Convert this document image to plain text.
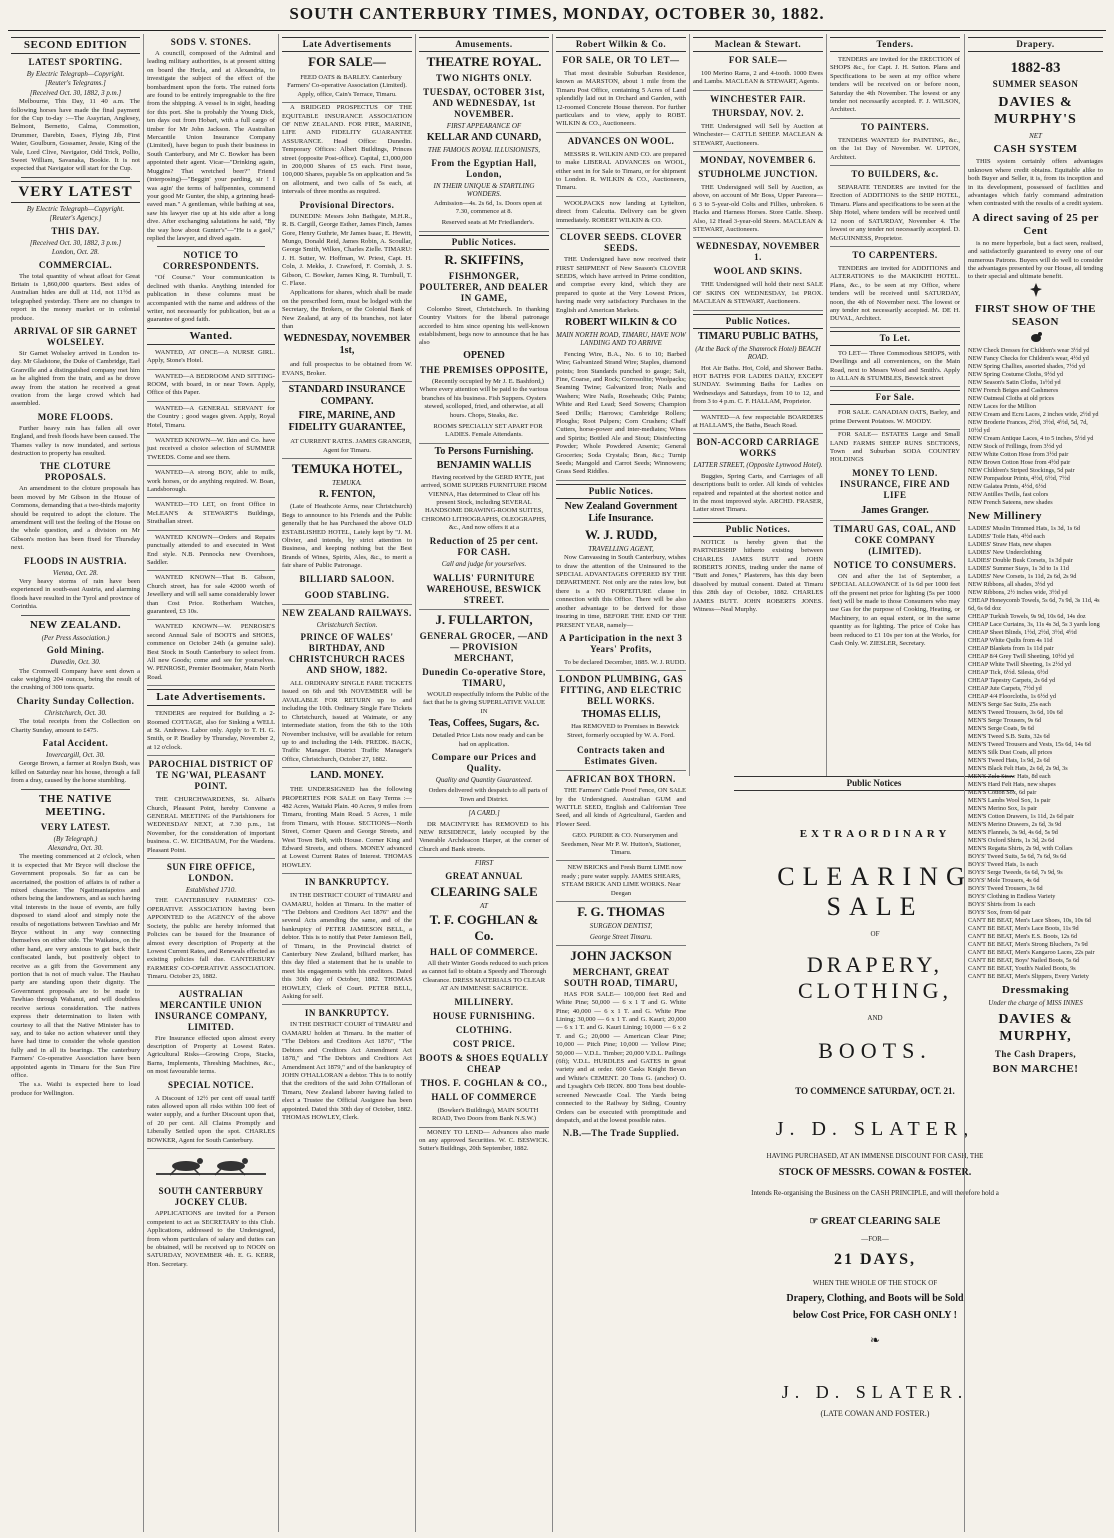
SOUTH CANTERBURY TIMES, MONDAY, OCTOBER 30, 1882.
SECOND EDITION
LATEST SPORTING.
By Electric Telegraph—Copyright.
[Reuter's Telegrams.]
[Received Oct. 30, 1882, 3 p.m.]

Melbourne, This Day, 11 40 a.m. The following horses have made the final payment for the Cup to-day :—The Assyrian, Anglesey, Belmont, Bernetto, Calma, Commotion, Drummer, Darebin, Essex, Flying Jib, First Water, Goulburn, Gossamer, Jessie, King of the Vale, Lord Clive, Navigator, Odd Trick, Pollio, Sweet William, Savanaka, Bookie. It is not expected that Navigator will start for the Cup.

VERY LATEST
By Electric Telegraph—Copyright.
[Reuter's Agency.]
THIS DAY.
[Received Oct. 30, 1882, 3 p.m.]
London, Oct. 28.
COMMERCIAL.

The total quantity of wheat afloat for Great Britain is 1,860,000 quarters. Best sides of Australian hides are dull at 11d, not 11½d as telegraphed yesterday. There are no changes to report in the money market or in colonial produce.

ARRIVAL OF SIR GARNET WOLSELEY.

Sir Garnet Wolseley arrived in London to-day. Mr Gladstone, the Duke of Cambridge, Earl Granville and a distinguished company met him as he alighted from the train, and as he drove away from the station he received a great ovation from the large crowd which had assembled.

MORE FLOODS.

Further heavy rain has fallen all over England, and fresh floods have been caused. The Thames valley is now inundated, and serious destruction to property has resulted.

THE CLOTURE PROPOSALS.

An amendment to the cloture proposals has been moved by Mr Gibson in the House of Commons, demanding that a two-thirds majority should be required to adopt the cloture. The amendment will test the feeling of the House on the whole question, and a division on Mr Gibson's motion has been fixed for Thursday next.

FLOODS IN AUSTRIA.
Vienna, Oct. 28.

Very heavy storms of rain have been experienced in south-east Austria, and alarming floods have resulted in the Tyrol and province of Corinthia.

NEW ZEALAND.
(Per Press Association.)
Gold Mining.
Dunedin, Oct. 30.

The Cromwell Company have sent down a cake weighing 204 ounces, being the result of the crushing of 300 tons quartz.

Charity Sunday Collection.
Christchurch, Oct. 30.

The total receipts from the Collection on Charity Sunday, amount to £475.

Fatal Accident.
Invercargill, Oct. 30.

George Brown, a farmer at Roslyn Bush, was killed on Saturday near his house, through a fall from a dray, caused by the horse stumbling.

THE NATIVE MEETING.
VERY LATEST.
(By Telegraph.)
Alexandra, Oct. 30.

The meeting commenced at 2 o'clock, when it is expected that Mr Bryce will disclose the Government proposals. So far as can be ascertained, the position of affairs is of rather a mixed character. The Ngatimaniapotos and others being the landowners, and as such having vital interests in the issue of events, are fully disposed to stand aloof and simply note the results of negotiations between Tawhiao and Mr Bryce without in any way connecting themselves on either side. The Waikatos, on the other hand, are very anxious to get back their confiscated lands, but positively object to receive as a gift from the Government any portion that is not of much value. The Hauhau party are standing upon their dignity. The Government proposals are to be made to Tawhiao through Wahanui, and will doubtless receive serious consideration. The natives express their determination to listen with courtesy to all that the Native Minister has to say, and to take no action whatever until they have had time to consider the whole question fully and in all its bearings. The canterbury Farmers' Co-operative Association have been appointed agents in Timaru for the Sun Fire office.

The s.s. Waihi is expected here to load produce for Wellington.

SODS V. STONES.

A councill, composed of the Admiral and leading military authorities, is at present sitting on board the Hecla, and at Alexandria, to investigate the subject of the effect of the bombardment upon the forts. The ruined forts are found to be entirely impregnable to the fire from the shipping. A vessel is in sight, heading for this port. She is probably the Young Dick, ten days out from Hobart, with a full cargo of timber for Mr John Jackson. The Australian Mercantile Union Insurance Company (Limited), have begun to push their business in South Canterbury, and Mr C. Bowker has been appointed their agent. Vicar—"Drinking again, Muggins? That wretched beer?" Friend (interposing)—"Beggin' your parding, sir ! I was agin' the terms of halfpennies, commend your good Mr Gunter, the ship, a grinning head-eaved man." A gentleman, while bathing at sea, saw his lawyer rise up at his side after a long dive. After exchanging salutations he said, "By the way how about Gunter's"—"He is a gaol," replied the lawyer, and dived again.

NOTICE TO CORRESPONDENTS.

"Of Course." Your communication is declined with thanks. Anything intended for publication in these columns must be accompanied with the name and address of the writer, not necessarily for publication, but as a guarantee of good faith.

Wanted.

WANTED, AT ONCE—A NURSE GIRL. Apply, Stone's Hotel.

WANTED—A BEDROOM AND SITTING-ROOM, with board, in or near Town. Apply, Office of this Paper.

WANTED—A GENERAL SERVANT for the Country ; good wages given. Apply, Royal Hotel, Timaru.

WANTED KNOWN—W. Ikin and Co. have just received a choice selection of SUMMER TWEEDS. Come and see them.

WANTED—A strong BOY, able to milk, work horses, or do anything required. W. Boan, Landsborough.

WANTED—TO LET, on front Office in McLEAN'S & STEWART'S Buildings, Strathallan street.

WANTED KNOWN—Orders and Repairs punctually attended to and executed in West End style. N.B. Pennocks new Overshoes, Saddler.

WANTED KNOWN—That B. Gibson, Church street, has for sale 42000 worth of Jewellery and will sell same considerably lower than Cost Price. Rotherham Watches, guaranteed, £3 10s.

WANTED KNOWN—W. PENROSE'S second Annual Sale of BOOTS and SHOES, commence on October 24th (a genuine sale). Best Stock in South Canterbury to select from. All new Goods; come and see for yourselves. W. PENROSE, Premier Bootmaker, Main North Road.

Late Advertisements.

TENDERS are required for Building a 2-Roomed COTTAGE, also for Sinking a WELL at St. Andrews. Labor only. Apply to T. H. G. Smith, or P. Bradley by Thursday, November 2, at 12 o'clock.

PAROCHIAL DISTRICT OF TE NG'WAI, PLEASANT POINT.

THE CHURCHWARDENS, St. Alban's Church, Pleasant Point, hereby Convene a GENERAL MEETING of the Parishioners for WEDNESDAY NEXT, at 7.30 p.m., 1st November, for the consideration of important business. C. W. EICHBAUM, For the Wardens. Pleasant Point.

SUN FIRE OFFICE, LONDON.
Established 1710.

THE CANTERBURY FARMERS' CO-OPERATIVE ASSOCIATION having been APPOINTED to the AGENCY of the above Society, the public are hereby informed that Policies can be issued for the Insurance of almost every description of Property at the Lowest Current Rates, and Renewals effected as existing policies fall due. CANTERBURY FARMERS' CO-OPERATIVE ASSOCIATION. Timaru. October 23, 1882.

AUSTRALIAN MERCANTILE UNION INSURANCE COMPANY, LIMITED.

Fire Insurance effected upon almost every description of Property at Lowest Rates. Agricultural Risks—Growing Crops, Stacks, Barns, Implements, Threshing Machines, &c., on most favourable terms.

SPECIAL NOTICE.

A Discount of 12½ per cent off usual tariff rates allowed upon all risks within 100 feet of water supply, and a further Discount upon that, of 20 per cent. All Claims Promptly and Liberally Settled upon the spot. CHARLES BOWKER, Agent for South Canterbury.

SOUTH CANTERBURY JOCKEY CLUB.

APPLICATIONS are invited for a Person competent to act as SECRETARY to this Club. Applications, addressed to the Undersigned, from whom particulars of salary and duties can be obtained, will be received up to NOON on SATURDAY, NOVEMBER 4th. E. G. KERR, Hon. Secretary.

Late Advertisements
FOR SALE—

FEED OATS & BARLEY. Canterbury Farmers' Co-operative Association (Limited). Apply, office, Cain's Terrace, Timaru.

A BRIDGED PROSPECTUS OF THE EQUITABLE INSURANCE ASSOCIATION OF NEW ZEALAND. FOR FIRE, MARINE, LIFE AND FIDELITY GUARANTEE ASSURANCE. Head Office: Dunedin. Temporary Offices: Albert Buildings, Princes street (opposite Post-office). Capital, £1,000,000 in 200,000 Shares of £5 each. First issue, 100,000 Shares, payable 5s on application and 5s on allotment, and two calls of 5s each, at intervals of three months as required.

Provisional Directors.

DUNEDIN: Messrs John Bathgate, M.H.R., R. B. Cargill, George Esther, James Finch, James Gore, Henry Guthrie, Mr James Isaac, E. Hewitt, Mungo, Donald Reid, James Robin, A. Scoullar, George Smith, Wilkes, Charles Zielle. TIMARU: J. H. Sutter, W. Hoffman, W. Priest, Capt. H. Coln, J. Mekks, J. Crawford, F. Cornish, J. S. Gibson, C. Bowker, James King, R. Turnbull, T. C. Flaxe.

Applications for shares, which shall be made on the prescribed form, must be lodged with the Secretary, the Brokers, or the Colonial Bank of New Zealand, at any of its branches, not later than

WEDNESDAY, NOVEMBER 1st,

and full prospectus to be obtained from W. EVANS, Broker.

STANDARD INSURANCE COMPANY.
FIRE, MARINE, AND FIDELITY GUARANTEE,

AT CURRENT RATES. JAMES GRANGER, Agent for Timaru.

TEMUKA HOTEL,
TEMUKA.
R. FENTON,

(Late of Heathcote Arms, near Christchurch) Begs to announce to his Friends and the Public generally that he has Purchased the above OLD ESTABLISHED HOTEL, Lately kept by "J. M. Olivier, and intends, by strict attention to Business, and keeping nothing but the Best Brands of Wines, Spirits, Ales, &c., to merit a fair share of Public Patronage.

BILLIARD SALOON.
GOOD STABLING.
NEW ZEALAND RAILWAYS.
Christchurch Section.
PRINCE OF WALES' BIRTHDAY, AND CHRISTCHURCH RACES AND SHOW, 1882.

ALL ORDINARY SINGLE FARE TICKETS issued on 6th and 9th NOVEMBER will be AVAILABLE FOR RETURN up to and including the 10th. Ordinary Single Fare Tickets to Christchurch, issued at Waimate, or any intermediate station, from the 6th to the 10th November inclusive, will be available for return up to and including the 14th. FREDK. BACK, Traffic Manager. District Traffic Manager's Office, Christchurch, October 27, 1882.

LAND. MONEY.

THE UNDERSIGNED has the following PROPERTIES FOR SALE on Easy Terms :— 482 Acres, Waitaki Plain. 40 Acres, 9 miles from Timaru, fronting Main Road. 5 Acres, 1 mile from Timaru, with House. SECTIONS—North Street, Corner Queen and George Streets, and West Town Belt, with House. Corner King and Edward Streets, and others. MONEY advanced at Lowest Current Rates of Interest. THOMAS HOWLEY.

IN BANKRUPTCY.

IN THE DISTRICT COURT of TIMARU and OAMARU, holden at Timaru. In the matter of "The Debtors and Creditors Act 1876" and the several Acts amending the same, and of the bankruptcy of PETER JAMIESON BELL, a debtor. This is to notify that Peter Jamieson Bell, of Timaru, in the Provincial district of Canterbury New Zealand, billiard marker, has this day filed a statement that he is unable to meet his engagements with his creditors. Dated this 30th day of October, 1882. THOMAS HOWLEY, Clerk of Court. PETER BELL, Asking for self.

IN BANKRUPTCY.

IN THE DISTRICT COURT of TIMARU and OAMARU holden at Timaru. In the matter of "The Debtors and Creditors Act 1876", "The Debtors and Creditors Act Amendment Act 1878," and "The Debtors and Creditors Act Amendment Act 1879," and of the bankruptcy of JOHN O'HALLORAN a debtor. This is to notify that the creditors of the said John O'Halloran of Timaru, New Zealand laborer having failed to elect a Trustee the Official Assignee has been appointed. Dated this 30th day of October, 1882. THOMAS HOWLEY, Clerk.

Amusements.
THEATRE ROYAL.
TWO NIGHTS ONLY.
TUESDAY, OCTOBER 31st, AND WEDNESDAY, 1st NOVEMBER.
FIRST APPEARANCE OF
KELLAR AND CUNARD,
THE FAMOUS ROYAL ILLUSIONISTS,
From the Egyptian Hall, London,
IN THEIR UNIQUE & STARTLING WONDERS.

Admission—4s. 2s 6d, 1s. Doors open at 7.30, commence at 8.

Reserved seats at Mr Friedlander's.

Public Notices.
R. SKIFFINS,
FISHMONGER, POULTERER, AND DEALER IN GAME,

Colombo Street, Christchurch. In thanking Country Visitors for the liberal patronage accorded to him since opening his well-known establishment, begs now to announce that he has also

OPENED
THE PREMISES OPPOSITE,

(Recently occupied by Mr J. E. Bashford,) Where every attention will be paid to the various branches of his business. Fish Suppers. Oysters stewed, scolloped, fried, and otherwise, at all hours. Chops, Steaks, &c.

ROOMS SPECIALLY SET APART FOR LADIES. Female Attendants.

To Persons Furnishing.
BENJAMIN WALLIS

Having received by the GERD RYTE, just arrived, SOME SUPERB FURNITURE FROM VIENNA, Has determined to Clear off his present Stock, including SEVERAL HANDSOME DRAWING-ROOM SUITES, CHROMO LITHOGRAPHS, OLEOGRAPHS, &c., And now offers it at a

Reduction of 25 per cent. FOR CASH.
Call and judge for yourselves.
WALLIS' FURNITURE WAREHOUSE, BESWICK STREET.
J. FULLARTON,
GENERAL GROCER, —AND— PROVISION MERCHANT,
Dunedin Co-operative Store, TIMARU,

WOULD respectfully inform the Public of the fact that he is giving SUPERLATIVE VALUE IN

Teas, Coffees, Sugars, &c.

Detailed Price Lists now ready and can be had on application.

Compare our Prices and Quality.
Quality and Quantity Guaranteed.

Orders delivered with despatch to all parts of Town and District.

[A CARD.]

DR MACINTYRE has REMOVED to his NEW RESIDENCE, lately occupied by the Venerable Archdeacon Harper, at the corner of Church and Bank streets.

FIRST
GREAT ANNUAL
CLEARING SALE
AT
T. F. COGHLAN & Co.
HALL OF COMMERCE.

All their Winter Goods reduced to such prices as cannot fail to obtain a Speedy and Thorough Clearance. DRESS MATERIALS TO CLEAR AT AN IMMENSE SACRIFICE.

MILLINERY.
HOUSE FURNISHING.
CLOTHING.
COST PRICE.
BOOTS & SHOES EQUALLY CHEAP
THOS. F. COGHLAN & CO.,
HALL OF COMMERCE

(Bowker's Buildings), MAIN SOUTH ROAD, Two Doors from Bank N.S.W.)

MONEY TO LEND— Advances also made on any approved Securities. W. C. BESWICK. Sutter's Buildings, 20th September, 1882.

Robert Wilkin & Co.
FOR SALE, OR TO LET—

That most desirable Suburban Residence, known as MARSTON, about 1 mile from the Timaru Post Office, containing 5 Acres of Land splendidly laid out in Orchard and Garden, with 12-roomed Concrete House thereon. For further particulars and to view, apply to ROBT. WILKIN & CO., Auctioneers.

ADVANCES ON WOOL.

MESSRS R. WILKIN AND CO. are prepared to make LIBERAL ADVANCES on WOOL, either sent in for Sale to Timaru, or for shipment to London. R. WILKIN & CO., Auctioneers, Timaru.

WOOLPACKS now landing at Lyttelton, direct from Calcutta. Delivery can be given immediately. ROBERT WILKIN & CO.

CLOVER SEEDS. CLOVER SEEDS.

THE Undersigned have now received their FIRST SHIPMENT of New Season's CLOVER SEEDS, which have arrived in Prime condition, and comprise every kind, which they are prepared to quote at the Very Lowest Prices, having made very satisfactory Purchases in the English and American Markets.

ROBERT WILKIN & CO
MAIN NORTH ROAD, TIMARU, HAVE NOW LANDING AND TO ARRIVE

Fencing Wire, B.A., No. 6 to 10; Barbed Wire; Galvanized Strand Wire; Staples, diamond points; Iron Standards punched to gauge; Salt, Fine, Coarse, and Rock; Corrosolite; Woolpacks; Seaming Twine; Galvanized Iron; Nails and Washers; Wire Nails, Roseheads; Oils; Paints; White and Red Lead; Seed Sowers; Champion Seed Drills; Harrows; Cambridge Rollers; Ploughs; Root Pulpers; Corn Crushers; Chaff Cutters, horse-power and inter-mediates; Wines and Spirits; Bottled Ale and Stout; Disinfecting Powder; Whole Powdered Arsenic; General Groceries; Soda Crystals; Bran, &c.; Turnip Seeds; Mangold and Carrot Seeds; Winnowers; Grass Seed Riddles.

Public Notices.
New Zealand Government Life Insurance.
W. J. RUDD,
TRAVELLING AGENT,

Now Canvassing in South Canterbury, wishes to draw the attention of the Uninsured to the SPECIAL ADVANTAGES OFFERED BY THE DEPARTMENT. Not only are the rates low, but there is a NO FORFEITURE clause in connection with this Office. There will be also another advantage to be derived for those insuring in time, BEFORE THE END OF THE PRESENT YEAR, namely—

A Participation in the next 3 Years' Profits,

To be declared December, 1885. W. J. RUDD.

LONDON PLUMBING, GAS FITTING, AND ELECTRIC BELL WORKS.
THOMAS ELLIS,

Has REMOVED to Premises in Beswick Street, formerly occupied by W. A. Ford.

Contracts taken and Estimates Given.
AFRICAN BOX THORN.

THE Farmers' Cattle Proof Fence, ON SALE by the Undersigned. Australian GUM and WATTLE SEED, English and Californian Tree Seed, and all kinds of Agricultural, Garden and Flower Seed.

GEO. PURDIE & CO. Nurserymen and Seedsmen, Near Mr P. W. Hutton's, Stationer, Timaru.

NEW BRICKS and Fresh Burnt LIME now ready ; pure water supply. JAMES SHEARS, STEAM BRICK AND LIME WORKS. Near Deegan

F. G. THOMAS
SURGEON DENTIST,
George Street Timaru.
JOHN JACKSON
MERCHANT, GREAT SOUTH ROAD, TIMARU,

HAS FOR SALE— 100,000 feet Red and White Pine; 50,000 — 6 x 1 T and G. White Pine; 40,000 — 6 x 1 T. and G. White Pine Lining; 30,000 — 6 x 1 T. and G. Kauri; 20,000 — 6 x 1 T. and G. Kauri Lining; 10,000 — 6 x 2 T. and G.; 20,000 — American Clear Pine; 10,000 — Pitch Pine; 10,000 — Yellow Pine; 50,000 — V.D.L. Timber; 20,000 V.D.L. Pailings (6ft); V.D.L. HURDLES and GATES in great variety and at order. 600 Casks Knight Bevan and White's CEMENT. 20 Tons G. (anchor) O. and Lysaght's Orb IRON. 800 Tons best double-screened Newcastle Coal. The Yards being connected to the Railway by Siding, Country Orders can be executed with promptitude and despatch, and at the lowest possible rates.

N.B.—The Trade Supplied.
Maclean & Stewart.
FOR SALE—

100 Merino Rams, 2 and 4-tooth. 1000 Ewes and Lambs. MACLEAN & STEWART, Agents.

WINCHESTER FAIR.
THURSDAY, NOV. 2.

THE Undersigned will Sell by Auction at Winchester— CATTLE SHEEP. MACLEAN & STEWART, Auctioneers.

MONDAY, NOVEMBER 6.
STUDHOLME JUNCTION.

THE Undersigned will Sell by Auction, as above, on account of Mr Boss, Upper Pareora— 6 3 to 5-year-old Colts and Fillies, unbroken. 6 Hacks and Harness Horses. Store Cattle. Sheep. Also, 12 Head 3-year-old Steers. MACLEAN & STEWART, Auctioneers.

WEDNESDAY, NOVEMBER 1.
WOOL AND SKINS.

THE Undersigned will hold their next SALE OF SKINS ON WEDNESDAY, 1st PROX. MACLEAN & STEWART, Auctioneers.

Public Notices.
TIMARU PUBLIC BATHS,
(At the Back of the Shamrock Hotel) BEACH ROAD.

Hot Air Baths. Hot, Cold, and Shower Baths. HOT BATHS FOR LADIES DAILY, EXCEPT SUNDAY. Swimming Baths for Ladies on Wednesdays and Saturdays, from 10 to 12, and from 3 to 4 p.m. C. F. HALLAM, Proprietor.

WANTED—A few respectable BOARDERS at HALLAM'S, the Baths, Beach Road.

BON-ACCORD CARRIAGE WORKS
LATTER STREET, (Opposite Lynwood Hotel).

Buggies, Spring Carts, and Carriages of all descriptions built to order. All kinds of vehicles repaired and repainted at the shortest notice and in the most improved style. ARCHD. FRASER, Latter street Timaru.

Public Notices.

NOTICE is hereby given that the PARTNERSHIP hitherto existing between CHARLES JAMES BUTT and JOHN ROBERTS JONES, trading under the name of "Butt and Jones," Plasterers, has this day been dissolved by mutual consent. Dated at Timaru this 28th day of October, 1882. CHARLES JAMES BUTT. JOHN ROBERTS JONES. Witness—Neal Murphy.

Tenders.

TENDERS are invited for the ERECTION of SHOPS &c., for Capt. J. H. Sutton. Plans and Specifications to be seen at my office where tenders will be received on or before noon, Saturday the 4th November. The lowest or any tender not necessarily accepted. F. J. WILSON, Architect.

TO PAINTERS.

TENDERS WANTED for PAINTING, &c., on the 1st Day of November. W. UPTON, Architect.

TO BUILDERS, &c.

SEPARATE TENDERS are invited for the Erection of ADDITIONS to the SHIP HOTEL, Timaru. Plans and specifications to be seen at the Ship Hotel, where tenders will be received until 12 noon of SATURDAY, November 4. The lowest or any tender not necessarily accepted. D. McGUINNESS, Proprietor.

TO CARPENTERS.

TENDERS are invited for ADDITIONS and ALTERATIONS to the MAKIKIHI HOTEL. Plans, &c., to be seen at my Office, where tenders will be received until SATURDAY, noon, the 4th of November next. The lowest or any tender not necessarily accepted. M. DE H. DUVAL, Architect.

To Let.

TO LET— Three Commodious SHOPS, with Dwellings and all conveniences, on the Main Road, next to Messrs Wood and Smith's. Apply to ALLAN & STUMBLES, Beswick street

For Sale.

FOR SALE. CANADIAN OATS, Barley, and prime Derwent Potatoes. W. MOODY.

FOR SALE— ESTATES Large and Small LAND FARMS SHEEP RUNS SECTIONS, Town and Suburban SODA COUNTRY HOLDINGS

MONEY TO LEND. INSURANCE, FIRE AND LIFE
James Granger.
TIMARU GAS, COAL, AND COKE COMPANY (LIMITED).
NOTICE TO CONSUMERS.

ON and after the 1st of September, a SPECIAL ALLOWANCE of 1s 6d per 1000 feet off the present net price for lighting (5s per 1000 feet) will be made to those Consumers who may use Gas for the purpose of Cooking, Heating, or Machinery, to an equal extent, or in the same quantity as for lighting. The price of Coke has been reduced to £1 10s per ton at the Works, for Cash Only. W. ZIESLER, Secretary.

Public Notices

EXTRAORDINARY

CLEARING SALE

OF

DRAPERY, CLOTHING,

AND

BOOTS.

TO COMMENCE SATURDAY, OCT. 21.

J. D. SLATER,

HAVING PURCHASED, AT AN IMMENSE DISCOUNT FOR CASH, THE

STOCK OF MESSRS. COWAN & FOSTER.

Intends Re-organising the Business on the CASH PRINCIPLE, and will therefore hold a

☞ GREAT CLEARING SALE

—FOR—

21 DAYS,

WHEN THE WHOLE OF THE STOCK OF

Drapery, Clothing, and Boots will be Sold

below Cost Price, FOR CASH ONLY !

❧

J. D. SLATER.

(LATE COWAN AND FOSTER.)

Drapery.
1882-83
SUMMER SEASON
DAVIES & MURPHY'S
NET
CASH SYSTEM

THIS system certainly offers advantages unknown where credit obtains. Equitable alike to both Buyer and Seller, it is, from its inception and in its development, possessed of facilities and advantages which fairly command admiration when contrasted with the results of a credit system.

A direct saving of 25 per Cent

is no mere hyperbole, but a fact seen, realised, and satisfactorily guaranteed to every one of our numerous Patrons. Buyers will do well to consider the advantages presented by our House, all tending to their special and ultimate benefit.

FIRST SHOW OF THE SEASON
NEW Check Dresses for Children's wear 3½d yd
NEW Fancy Checks for Children's wear, 4½d yd
NEW Spring Challies, assorted shades, 7½d yd
NEW Spring Costume Cloths, 9½d yd
NEW Season's Satin Cloths, 1s½d yd
NEW French Beiges and Cashmeres
NEW Oatmeal Cloths at old prices
NEW Laces for the Million
NEW Cream and Ecru Laces, 2 inches wide, 2½d yd
NEW Broderie Frances, 2½d, 3½d, 4½d, 5d, 7d, 10½d yd
NEW Cream Antique Laces, 4 to 5 inches, 5½d yd
NEW Stock of Frillings, from 3½d yd
NEW White Cotton Hose from 3½d pair
NEW Brown Cotton Hose from 4½d pair
NEW Children's Striped Stockings, 5d pair
NEW Pompadour Prints, 4½d, 6½d, 7½d
NEW Galatea Prints, 4½d, 6½d
NEW Antilles Twills, fast colors
NEW French Sateens, new shades
New Millinery
LADIES' Muslin Trimmed Hats, 1s 3d, 1s 6d
LADIES' Toile Hats, 4½d each
LADIES' Straw Hats, new shapes
LADIES' New Underclothing
LADIES' Double Busk Corsets, 1s 3d pair
LADIES' Summer Stays, 1s 3d to 1s 11d
LADIES' New Corsets, 1s 11d, 2s 6d, 2s 9d
NEW Ribbons, all shades, 3½d yd
NEW Ribbons, 2½ inches wide, 3½d yd
CHEAP Honeycomb Towels, 5s 6d, 7s 9d, 3s 11d, 4s 6d, 6s 6d doz
CHEAP Turkish Towels, 9s 9d, 10s 6d, 14s doz
CHEAP Lace Curtains, 3s, 11s 4s 3d, 5s 3 yards long
CHEAP Sheet Blinds, 1½d, 2½d, 3½d, 4½d
CHEAP White Quilts from 4s 11d
CHEAP Blankets from 1s 11d pair
CHEAP 8/4 Grey Twill Sheeting, 10½d yd
CHEAP White Twill Sheeting, 1s 2½d yd
CHEAP Tick, 6½d. Silesia, 6½d
CHEAP Tapestry Carpets, 2s 6d yd
CHEAP Jute Carpets, 7½d yd
CHEAP 4/4 Floorcloths, 1s 6½d yd
MEN'S Serge Sac Suits, 25s each
MEN'S Tweed Trousers, 3s 6d, 10s 6d
MEN'S Serge Trousers, 9s 6d
MEN'S Serge Coats, 9s 6d
MEN'S Tweed S.B. Suits, 32s 6d
MEN'S Tweed Trousers and Vests, 15s 6d, 14s 6d
MEN'S Silk Dust Coats, all prices
MEN'S Tweed Hats, 1s 9d, 2s 6d
MEN'S Black Felt Hats, 2s 6d, 2s 9d, 3s
MEN'S Zulu Straw Hats, 8d each
MEN'S Hard Felt Hats, new shapes
MEN'S Cotton Sox, 6d pair
MEN'S Lambs Wool Sox, 1s pair
MEN'S Merino Sox, 1s pair
MEN'S Cotton Drawers, 1s 11d, 2s 6d pair
MEN'S Merino Drawers, 2s 6d, 3s 9d
MEN'S Flannels, 3s 9d, 4s 6d, 5s 9d
MEN'S Oxford Shirts, 1s 3d, 2s 6d
MEN'S Regatta Shirts, 2s 9d, with Collars
BOYS' Tweed Suits, 5s 6d, 7s 6d, 9s 6d
BOYS' Tweed Hats, 1s each
BOYS' Serge Tweeds, 6s 6d, 7s 9d, 9s
BOYS' Mole Trousers, 4s 6d
BOYS' Tweed Trousers, 3s 6d
BOYS' Clothing in Endless Variety
BOYS' Shirts from 1s each
BOYS' Sox, from 6d pair
CAN'T BE BEAT, Men's Lace Shoes, 10s, 10s 6d
CAN'T BE BEAT, Men's Lace Boots, 11s 9d
CAN'T BE BEAT, Men's E.S. Boots, 12s 6d
CAN'T BE BEAT, Men's Strong Bluchers, 7s 9d
CAN'T BE BEAT, Men's Kangaroo Laces, 22s pair
CAN'T BE BEAT, Boys' Nailed Boots, 5s 6d
CAN'T BE BEAT, Youth's Nailed Boots, 9s
CAN'T BE BEAT, Men's Slippers, Every Variety
Dressmaking
Under the charge of MISS INNES
DAVIES & MURPHY,
The Cash Drapers,
BON MARCHE!
